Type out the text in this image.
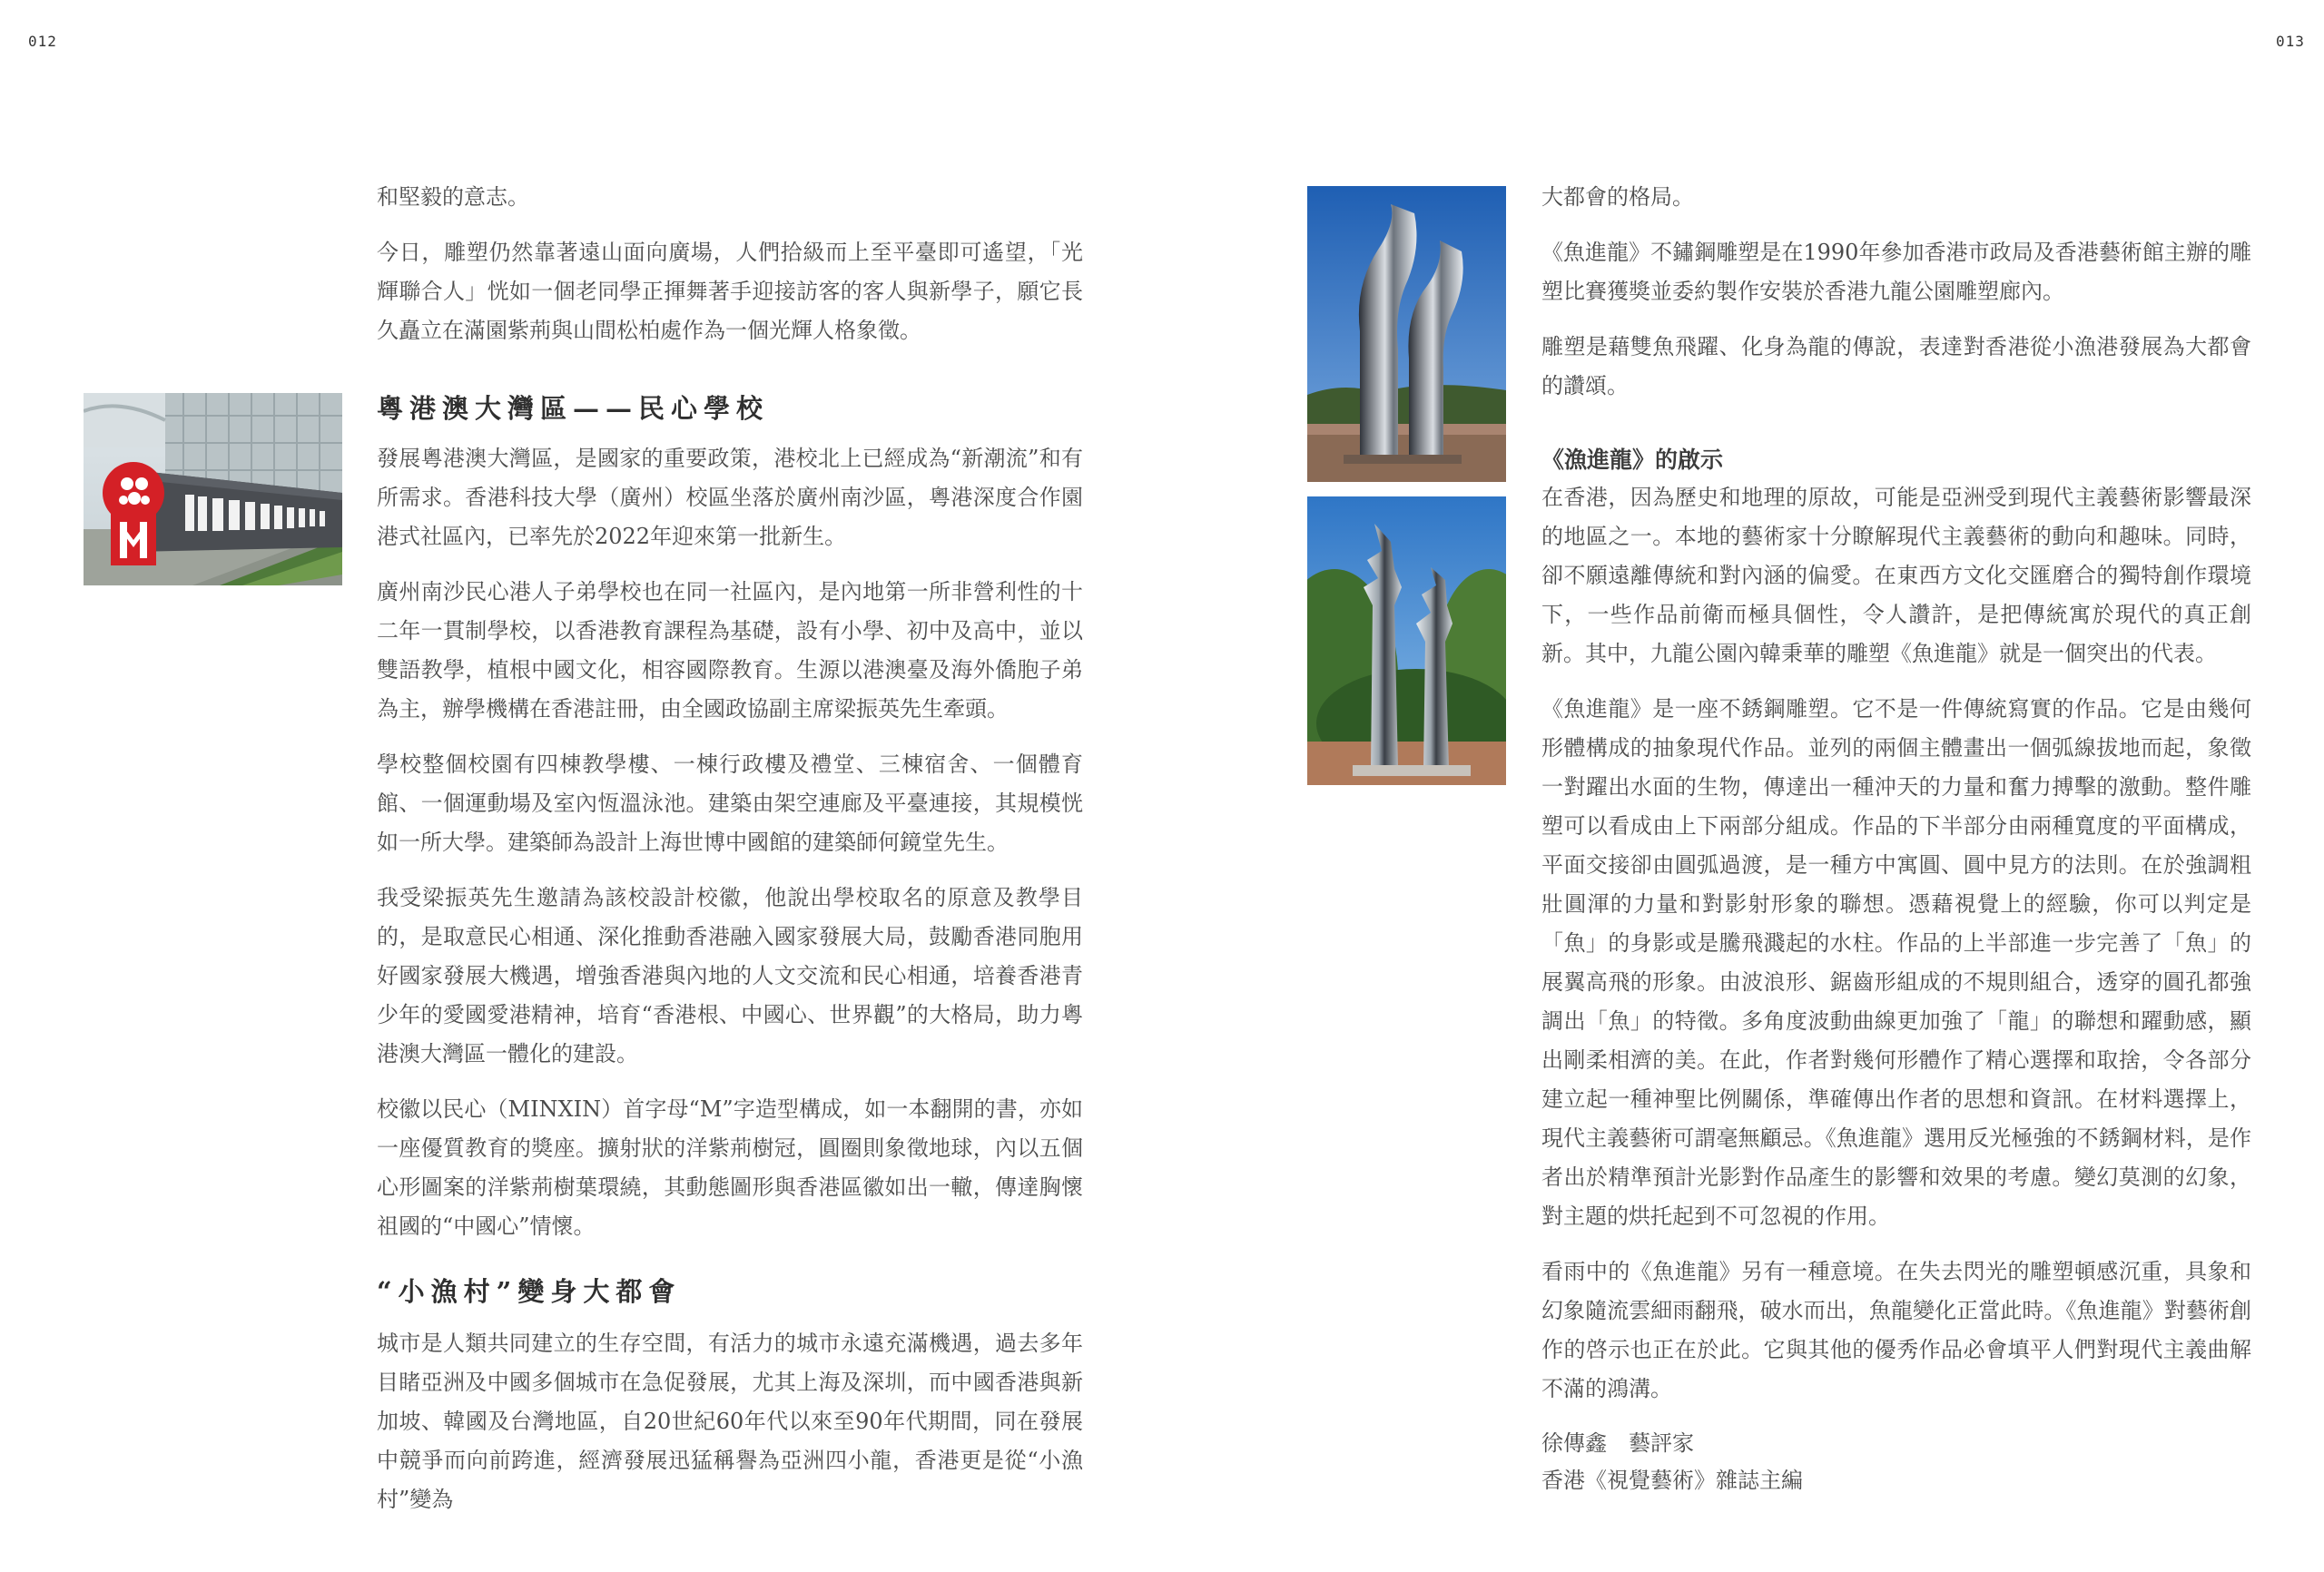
012	013

和堅毅的意志。

今日，雕塑仍然靠著遠山面向廣場，人們拾級而上至平臺即可遙望，「光輝聯合人」恍如一個老同學正揮舞著手迎接訪客的客人與新學子，願它長久矗立在滿園紫荊與山間松柏處作為一個光輝人格象徵。

粵港澳大灣區——民心學校

發展粵港澳大灣區，是國家的重要政策，港校北上已經成為“新潮流”和有所需求。香港科技大學（廣州）校區坐落於廣州南沙區，粵港深度合作園港式社區內，已率先於2022年迎來第一批新生。

廣州南沙民心港人子弟學校也在同一社區內，是內地第一所非營利性的十二年一貫制學校，以香港教育課程為基礎，設有小學、初中及高中，並以雙語教學，植根中國文化，相容國際教育。生源以港澳臺及海外僑胞子弟為主，辦學機構在香港註冊，由全國政協副主席梁振英先生牽頭。

學校整個校園有四棟教學樓、一棟行政樓及禮堂、三棟宿舍、一個體育館、一個運動場及室內恆溫泳池。建築由架空連廊及平臺連接，其規模恍如一所大學。建築師為設計上海世博中國館的建築師何鏡堂先生。

我受梁振英先生邀請為該校設計校徽，他說出學校取名的原意及教學目的，是取意民心相通、深化推動香港融入國家發展大局，鼓勵香港同胞用好國家發展大機遇，增強香港與內地的人文交流和民心相通，培養香港青少年的愛國愛港精神，培育“香港根、中國心、世界觀”的大格局，助力粵港澳大灣區一體化的建設。

校徽以民心（MINXIN）首字母“M”字造型構成，如一本翻開的書，亦如一座優質教育的獎座。擴射狀的洋紫荊樹冠，圓圈則象徵地球，內以五個心形圖案的洋紫荊樹葉環繞，其動態圖形與香港區徽如出一轍，傳達胸懷祖國的“中國心”情懷。

“小漁村”變身大都會

城市是人類共同建立的生存空間，有活力的城市永遠充滿機遇，過去多年目睹亞洲及中國多個城市在急促發展，尤其上海及深圳，而中國香港與新加坡、韓國及台灣地區，自20世紀60年代以來至90年代期間，同在發展中競爭而向前跨進，經濟發展迅猛稱譽為亞洲四小龍，香港更是從“小漁村”變為

大都會的格局。

《魚進龍》不鏽鋼雕塑是在1990年參加香港市政局及香港藝術館主辦的雕塑比賽獲獎並委約製作安裝於香港九龍公園雕塑廊內。

雕塑是藉雙魚飛躍、化身為龍的傳說，表達對香港從小漁港發展為大都會的讚頌。

《漁進龍》的啟示

在香港，因為歷史和地理的原故，可能是亞洲受到現代主義藝術影響最深的地區之一。本地的藝術家十分瞭解現代主義藝術的動向和趣味。同時，卻不願遠離傳統和對內涵的偏愛。在東西方文化交匯磨合的獨特創作環境下，一些作品前衛而極具個性，令人讚許，是把傳統寓於現代的真正創新。其中，九龍公園內韓秉華的雕塑《魚進龍》就是一個突出的代表。

《魚進龍》是一座不銹鋼雕塑。它不是一件傳統寫實的作品。它是由幾何形體構成的抽象現代作品。並列的兩個主體畫出一個弧線拔地而起，象徵一對躍出水面的生物，傳達出一種沖天的力量和奮力搏擊的激動。整件雕塑可以看成由上下兩部分組成。作品的下半部分由兩種寬度的平面構成，平面交接卻由圓弧過渡，是一種方中寓圓、圓中見方的法則。在於強調粗壯圓渾的力量和對影射形象的聯想。憑藉視覺上的經驗，你可以判定是「魚」的身影或是騰飛濺起的水柱。作品的上半部進一步完善了「魚」的展翼高飛的形象。由波浪形、鋸齒形組成的不規則組合，透穿的圓孔都強調出「魚」的特徵。多角度波動曲線更加強了「龍」的聯想和躍動感，顯出剛柔相濟的美。在此，作者對幾何形體作了精心選擇和取捨，令各部分建立起一種神聖比例關係，準確傳出作者的思想和資訊。在材料選擇上，現代主義藝術可謂毫無顧忌。《魚進龍》選用反光極強的不銹鋼材料，是作者出於精準預計光影對作品產生的影響和效果的考慮。變幻莫測的幻象，對主題的烘托起到不可忽視的作用。

看雨中的《魚進龍》另有一種意境。在失去閃光的雕塑頓感沉重，具象和幻象隨流雲細雨翻飛，破水而出，魚龍變化正當此時。《魚進龍》對藝術創作的啓示也正在於此。它與其他的優秀作品必會填平人們對現代主義曲解不滿的鴻溝。

徐傳鑫　藝評家
香港《視覺藝術》雜誌主編
